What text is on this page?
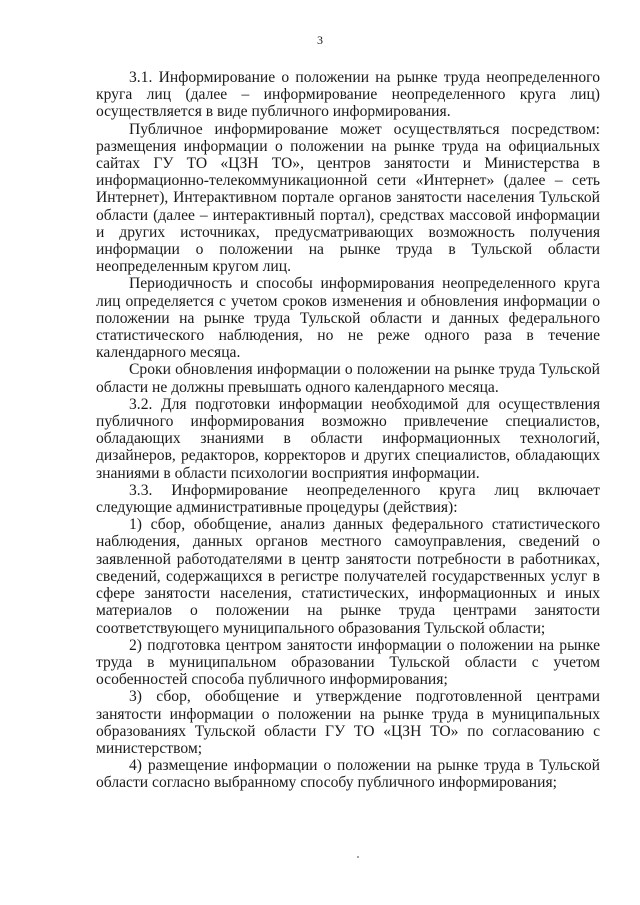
3

3.1. Информирование о положении на рынке труда неопределенного круга лиц (далее – информирование неопределенного круга лиц) осуществляется в виде публичного информирования.

Публичное информирование может осуществляться посредством: размещения информации о положении на рынке труда на официальных сайтах ГУ ТО «ЦЗН ТО», центров занятости и Министерства в информационно-телекоммуникационной сети «Интернет» (далее – сеть Интернет), Интерактивном портале органов занятости населения Тульской области (далее – интерактивный портал), средствах массовой информации и других источниках, предусматривающих возможность получения информации о положении на рынке труда в Тульской области неопределенным кругом лиц.

Периодичность и способы информирования неопределенного круга лиц определяется с учетом сроков изменения и обновления информации о положении на рынке труда Тульской области и данных федерального статистического наблюдения, но не реже одного раза в течение календарного месяца.

Сроки обновления информации о положении на рынке труда Тульской области не должны превышать одного календарного месяца.

3.2. Для подготовки информации необходимой для осуществления публичного информирования возможно привлечение специалистов, обладающих знаниями в области информационных технологий, дизайнеров, редакторов, корректоров и других специалистов, обладающих знаниями в области психологии восприятия информации.

3.3. Информирование неопределенного круга лиц включает следующие административные процедуры (действия):

1) сбор, обобщение, анализ данных федерального статистического наблюдения, данных органов местного самоуправления, сведений о заявленной работодателями в центр занятости потребности в работниках, сведений, содержащихся в регистре получателей государственных услуг в сфере занятости населения, статистических, информационных и иных материалов о положении на рынке труда центрами занятости соответствующего муниципального образования Тульской области;

2) подготовка центром занятости информации о положении на рынке труда в муниципальном образовании Тульской области с учетом особенностей способа публичного информирования;

3) сбор, обобщение и утверждение подготовленной центрами занятости информации о положении на рынке труда в муниципальных образованиях Тульской области ГУ ТО «ЦЗН ТО» по согласованию с министерством;

4) размещение информации о положении на рынке труда в Тульской области согласно выбранному способу публичного информирования;
